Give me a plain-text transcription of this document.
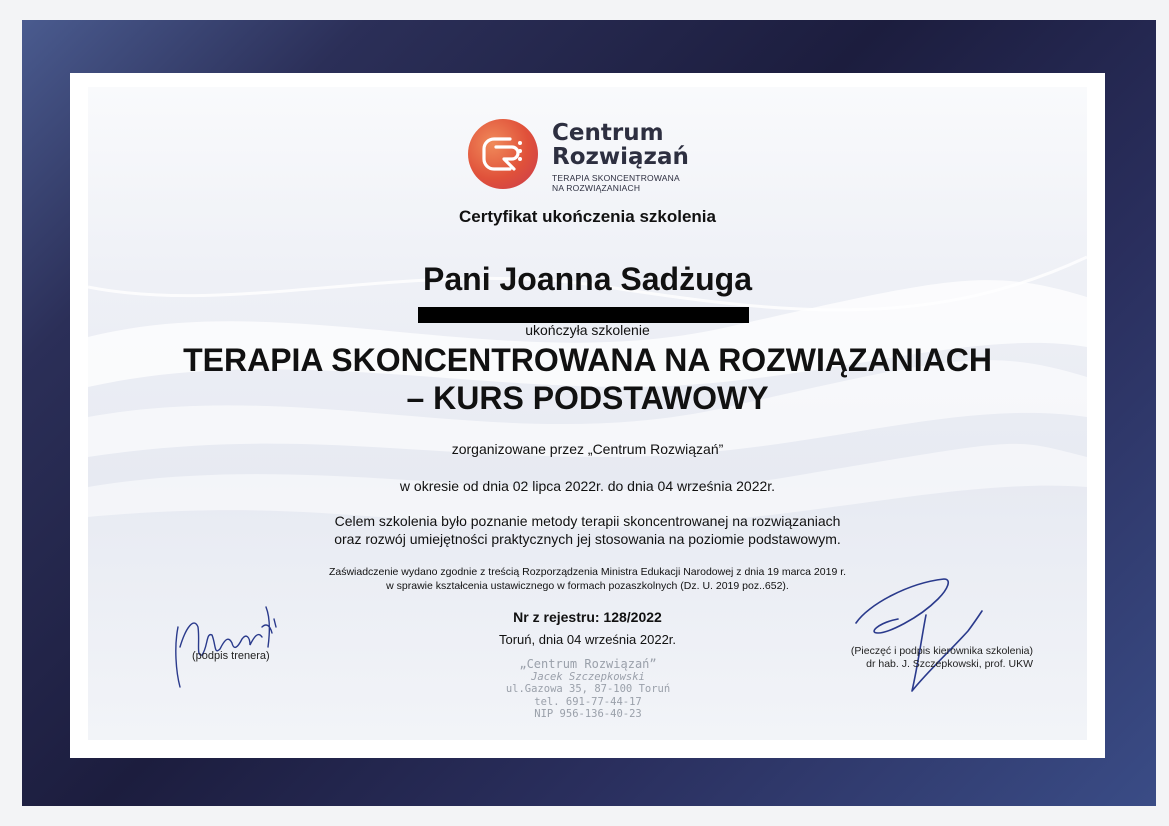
Centrum
Rozwiązań
TERAPIA SKONCENTROWANA
NA ROZWIĄZANIACH
Certyfikat ukończenia szkolenia
Pani Joanna Sadżuga
ukończyła szkolenie
TERAPIA SKONCENTROWANA NA ROZWIĄZANIACH
– KURS PODSTAWOWY
zorganizowane przez „Centrum Rozwiązań”
w okresie od dnia 02 lipca 2022r. do dnia 04 września 2022r.
Celem szkolenia było poznanie metody terapii skoncentrowanej na rozwiązaniach
oraz rozwój umiejętności praktycznych jej stosowania na poziomie podstawowym.
Zaświadczenie wydano zgodnie z treścią Rozporządzenia Ministra Edukacji Narodowej z dnia 19 marca 2019 r.
w sprawie kształcenia ustawicznego w formach pozaszkolnych (Dz. U. 2019 poz..652).
Nr z rejestru: 128/2022
Toruń, dnia 04 września 2022r.
„Centrum Rozwiązań”
Jacek Szczepkowski
ul.Gazowa 35, 87-100 Toruń
tel. 691-77-44-17
NIP 956-136-40-23
(podpis trenera)	(Pieczęć i podpis kierownika szkolenia)
dr hab. J. Szczepkowski, prof. UKW
